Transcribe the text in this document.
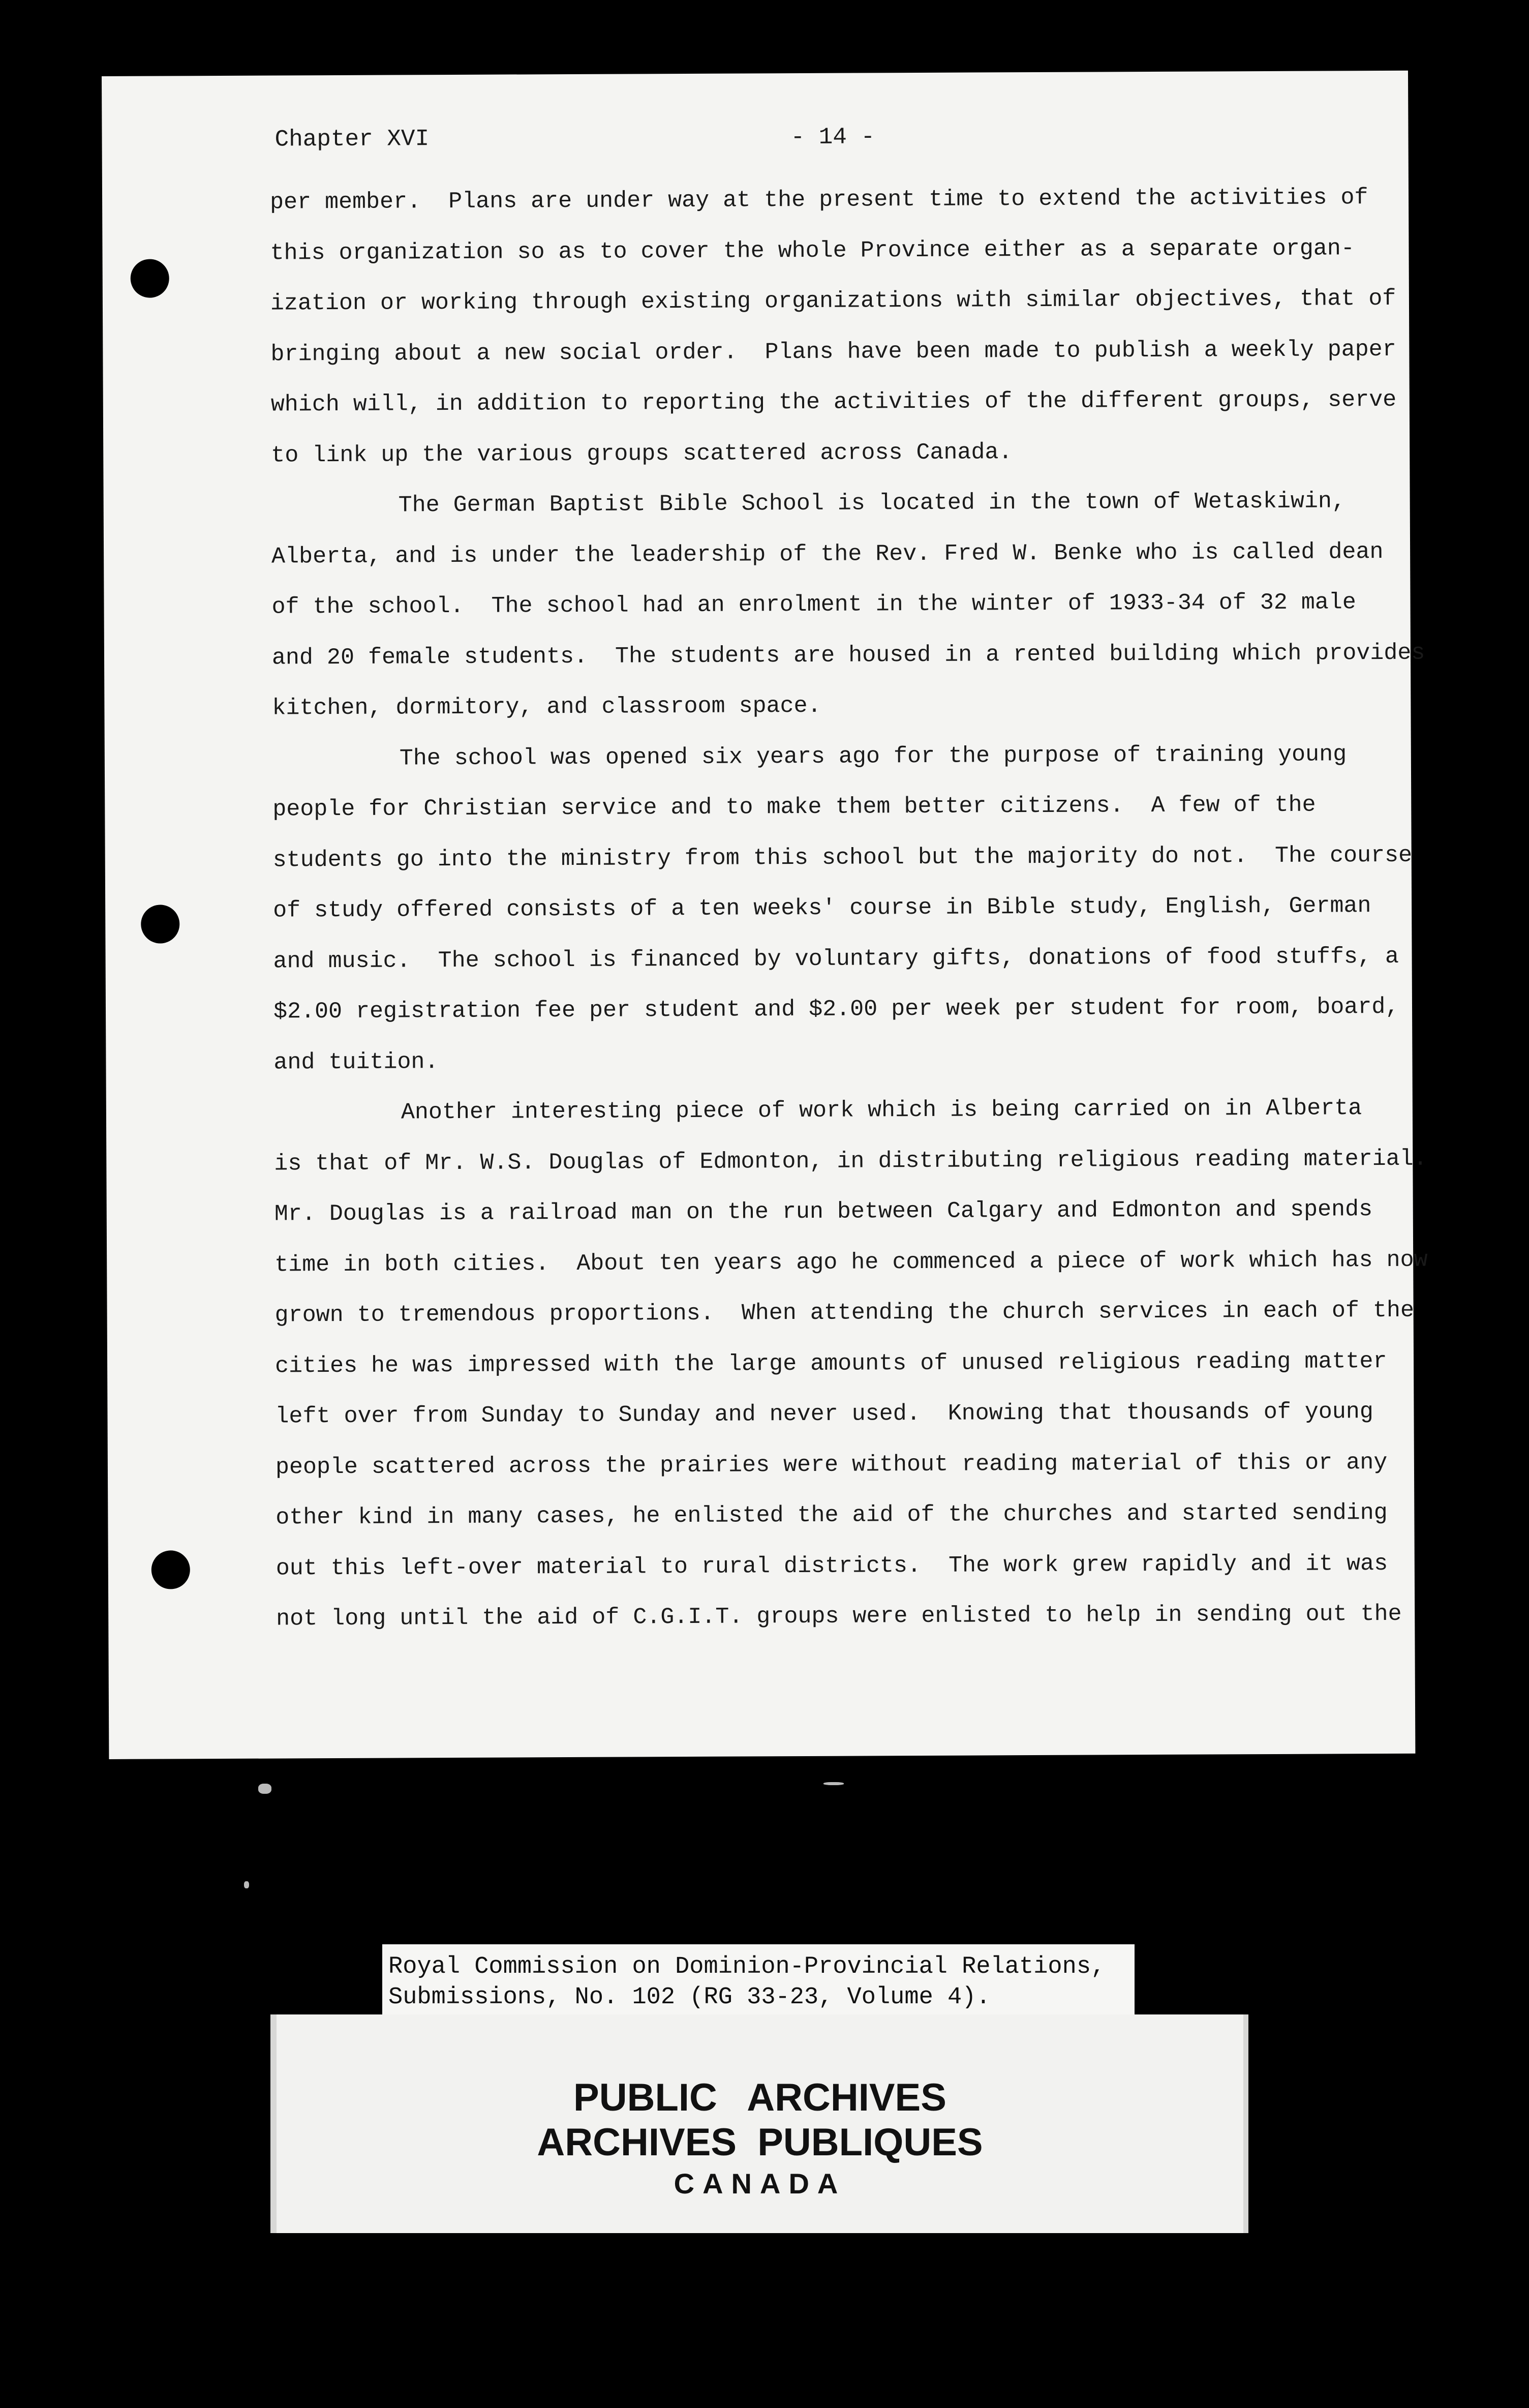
Chapter XVI	- 14 -
per member.  Plans are under way at the present time to extend the activities of
this organization so as to cover the whole Province either as a separate organ-
ization or working through existing organizations with similar objectives, that of
bringing about a new social order.  Plans have been made to publish a weekly paper
which will, in addition to reporting the activities of the different groups, serve
to link up the various groups scattered across Canada.
The German Baptist Bible School is located in the town of Wetaskiwin,
Alberta, and is under the leadership of the Rev. Fred W. Benke who is called dean
of the school.  The school had an enrolment in the winter of 1933-34 of 32 male
and 20 female students.  The students are housed in a rented building which provides
kitchen, dormitory, and classroom space.
The school was opened six years ago for the purpose of training young
people for Christian service and to make them better citizens.  A few of the
students go into the ministry from this school but the majority do not.  The course
of study offered consists of a ten weeks' course in Bible study, English, German
and music.  The school is financed by voluntary gifts, donations of food stuffs, a
$2.00 registration fee per student and $2.00 per week per student for room, board,
and tuition.
Another interesting piece of work which is being carried on in Alberta
is that of Mr. W.S. Douglas of Edmonton, in distributing religious reading material.
Mr. Douglas is a railroad man on the run between Calgary and Edmonton and spends
time in both cities.  About ten years ago he commenced a piece of work which has now
grown to tremendous proportions.  When attending the church services in each of the
cities he was impressed with the large amounts of unused religious reading matter
left over from Sunday to Sunday and never used.  Knowing that thousands of young
people scattered across the prairies were without reading material of this or any
other kind in many cases, he enlisted the aid of the churches and started sending
out this left-over material to rural districts.  The work grew rapidly and it was
not long until the aid of C.G.I.T. groups were enlisted to help in sending out the
Royal Commission on Dominion-Provincial Relations,
Submissions, No. 102 (RG 33-23, Volume 4).
PUBLIC ARCHIVES
ARCHIVES PUBLIQUES
CANADA
